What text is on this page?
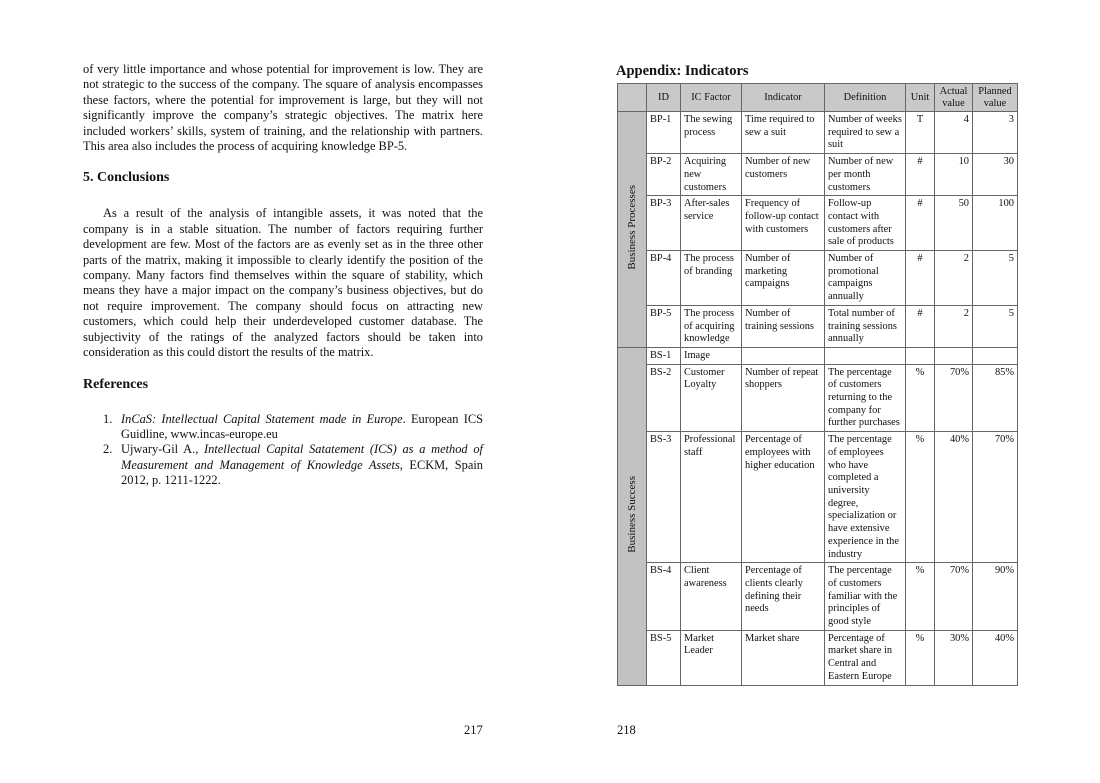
of very little importance and whose potential for improvement is low. They are not strategic to the success of the company. The square of analysis encompasses these factors, where the potential for improvement is large, but they will not significantly improve the company’s strategic objectives. The matrix here included workers’ skills, system of training, and the relationship with partners. This area also includes the process of acquiring knowledge BP-5.

5. Conclusions

As a result of the analysis of intangible assets, it was noted that the company is in a stable situation. The number of factors requiring further development are few. Most of the factors are as evenly set as in the three other parts of the matrix, making it impossible to clearly identify the position of the company. Many factors find themselves within the square of stability, which means they have a major impact on the company’s business objectives, but do not require improvement. The company should focus on attracting new customers, which could help their underdeveloped customer database. The subjectivity of the ratings of the analyzed factors should be taken into consideration as this could distort the results of the matrix.

References
1. InCaS: Intellectual Capital Statement made in Europe. European ICS Guidline, www.incas-europe.eu
2. Ujwary-Gil A., Intellectual Capital Satatement (ICS) as a method of Measurement and Management of Knowledge Assets, ECKM, Spain 2012, p. 1211-1222.
217
Appendix: Indicators
	ID	IC Factor	Indicator	Definition	Unit	Actual value	Planned value
Business Processes	BP-1	The sewing process	Time required to sew a suit	Number of weeks required to sew a suit	T	4	3
	BP-2	Acquiring new customers	Number of new customers	Number of new per month customers	#	10	30
	BP-3	After-sales service	Frequency of follow-up contact with customers	Follow-up contact with customers after sale of products	#	50	100
	BP-4	The process of branding	Number of marketing campaigns	Number of promotional campaigns annually	#	2	5
	BP-5	The process of acquiring knowledge	Number of training sessions	Total number of training sessions annually	#	2	5
Business Success	BS-1	Image					
	BS-2	Customer Loyalty	Number of repeat shoppers	The percentage of customers returning to the company for further purchases	%	70%	85%
	BS-3	Professional staff	Percentage of employees with higher education	The percentage of employees who have completed a university degree, specialization or have extensive experience in the industry	%	40%	70%
	BS-4	Client awareness	Percentage of clients clearly defining their needs	The percentage of customers familiar with the principles of good style	%	70%	90%
	BS-5	Market Leader	Market share	Percentage of market share in Central and Eastern Europe	%	30%	40%
218
